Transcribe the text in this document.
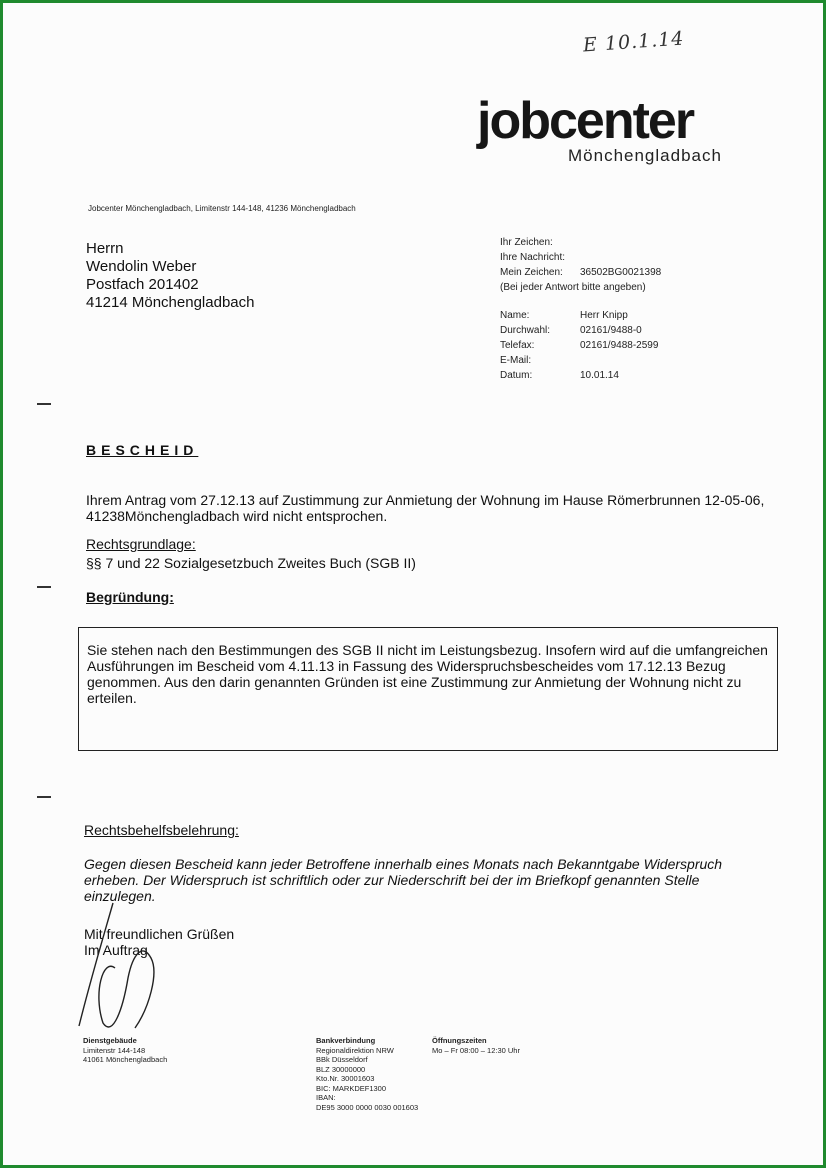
E 10.1.14
jobcenter
Mönchengladbach
Jobcenter Mönchengladbach, Limitenstr 144-148, 41236 Mönchengladbach
Herrn
Wendolin Weber
Postfach 201402
41214 Mönchengladbach
Ihr Zeichen:
Ihre Nachricht:
Mein Zeichen:	36502BG0021398
(Bei jeder Antwort bitte angeben)
Name:	Herr Knipp
Durchwahl:	02161/9488-0
Telefax:	02161/9488-2599
E-Mail:
Datum:	10.01.14
BESCHEID
Ihrem Antrag vom 27.12.13 auf Zustimmung zur Anmietung der Wohnung im Hause Römerbrunnen 12-05-06, 41238Mönchengladbach wird nicht entsprochen.
Rechtsgrundlage:
§§ 7 und 22 Sozialgesetzbuch Zweites Buch (SGB II)
Begründung:

Sie stehen nach den Bestimmungen des SGB II nicht im Leistungsbezug. Insofern wird auf die umfangreichen Ausführungen im Bescheid vom 4.11.13 in Fassung des Widerspruchsbescheides vom 17.12.13 Bezug genommen. Aus den darin genannten Gründen ist eine Zustimmung zur Anmietung der Wohnung nicht zu erteilen.

Rechtsbehelfsbelehrung:
Gegen diesen Bescheid kann jeder Betroffene innerhalb eines Monats nach Bekanntgabe Widerspruch erheben. Der Widerspruch ist schriftlich oder zur Niederschrift bei der im Briefkopf genannten Stelle einzulegen.
Mit freundlichen Grüßen
Im Auftrag
Dienstgebäude
Limitenstr 144-148
41061 Mönchengladbach
Bankverbindung
Regionaldirektion NRW
BBk Düsseldorf
BLZ 30000000
Kto.Nr. 30001603
BIC: MARKDEF1300
IBAN:
DE95 3000 0000 0030 001603
Öffnungszeiten
Mo – Fr 08:00 – 12:30 Uhr
